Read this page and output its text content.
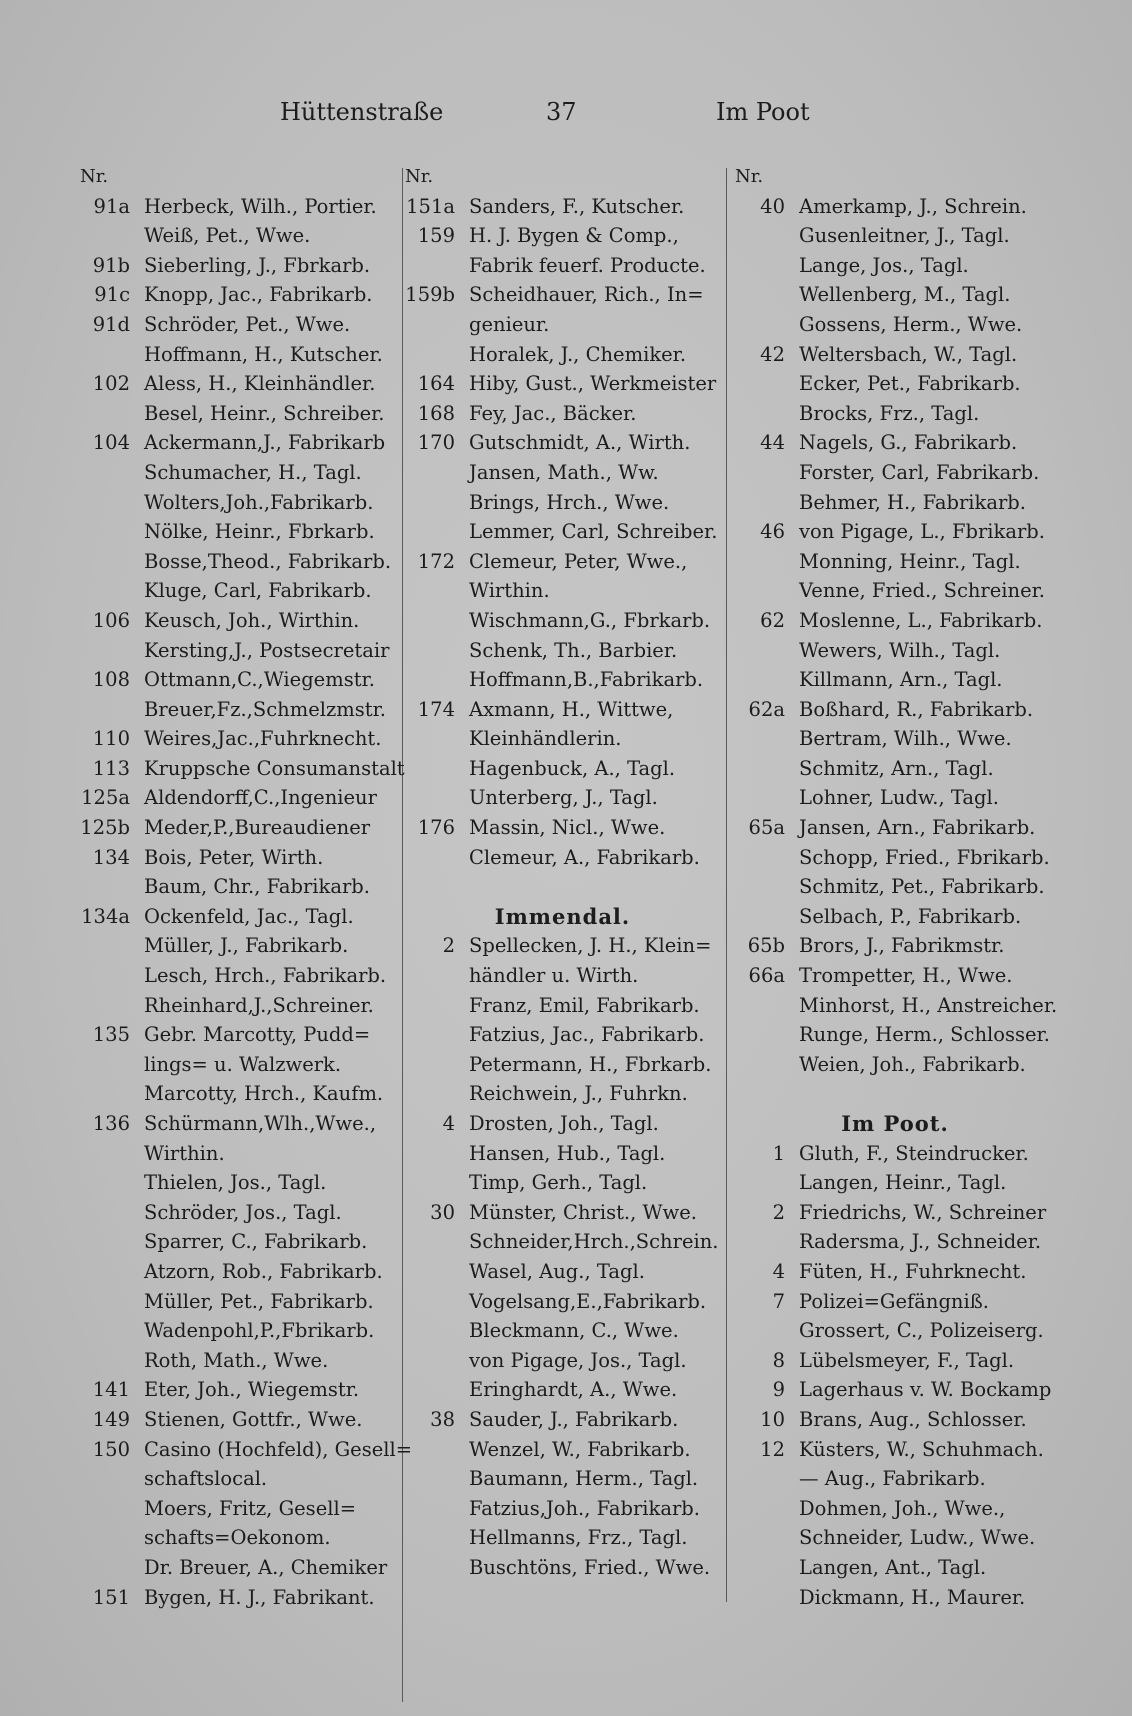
Hüttenstraße	37	Im Poot
Nr.
91a Herbeck, Wilh., Portier.
Weiß, Pet., Wwe.
91b Sieberling, J., Fbrkarb.
91c Knopp, Jac., Fabrikarb.
91d Schröder, Pet., Wwe.
Hoffmann, H., Kutscher.
102 Aless, H., Kleinhändler.
Besel, Heinr., Schreiber.
104 Ackermann,J., Fabrikarb
Schumacher, H., Tagl.
Wolters,Joh.,Fabrikarb.
Nölke, Heinr., Fbrkarb.
Bosse,Theod., Fabrikarb.
Kluge, Carl, Fabrikarb.
106 Keusch, Joh., Wirthin.
Kersting,J., Postsecretair
108 Ottmann,C.,Wiegemstr.
Breuer,Fz.,Schmelzmstr.
110 Weires,Jac.,Fuhrknecht.
113 Kruppsche Consumanstalt
125a Aldendorff,C.,Ingenieur
125b Meder,P.,Bureaudiener
134 Bois, Peter, Wirth.
Baum, Chr., Fabrikarb.
134a Ockenfeld, Jac., Tagl.
Müller, J., Fabrikarb.
Lesch, Hrch., Fabrikarb.
Rheinhard,J.,Schreiner.
135 Gebr. Marcotty, Pudd=
lings= u. Walzwerk.
Marcotty, Hrch., Kaufm.
136 Schürmann,Wlh.,Wwe.,
Wirthin.
Thielen, Jos., Tagl.
Schröder, Jos., Tagl.
Sparrer, C., Fabrikarb.
Atzorn, Rob., Fabrikarb.
Müller, Pet., Fabrikarb.
Wadenpohl,P.,Fbrikarb.
Roth, Math., Wwe.
141 Eter, Joh., Wiegemstr.
149 Stienen, Gottfr., Wwe.
150 Casino (Hochfeld), Gesell=
schaftslocal.
Moers, Fritz, Gesell=
schafts=Oekonom.
Dr. Breuer, A., Chemiker
151 Bygen, H. J., Fabrikant.
Nr.
151a Sanders, F., Kutscher.
159 H. J. Bygen & Comp.,
Fabrik feuerf. Producte.
159b Scheidhauer, Rich., In=
genieur.
Horalek, J., Chemiker.
164 Hiby, Gust., Werkmeister
168 Fey, Jac., Bäcker.
170 Gutschmidt, A., Wirth.
Jansen, Math., Ww.
Brings, Hrch., Wwe.
Lemmer, Carl, Schreiber.
172 Clemeur, Peter, Wwe.,
Wirthin.
Wischmann,G., Fbrkarb.
Schenk, Th., Barbier.
Hoffmann,B.,Fabrikarb.
174 Axmann, H., Wittwe,
Kleinhändlerin.
Hagenbuck, A., Tagl.
Unterberg, J., Tagl.
176 Massin, Nicl., Wwe.
Clemeur, A., Fabrikarb.
Immendal.
2 Spellecken, J. H., Klein=
händler u. Wirth.
Franz, Emil, Fabrikarb.
Fatzius, Jac., Fabrikarb.
Petermann, H., Fbrkarb.
Reichwein, J., Fuhrkn.
4 Drosten, Joh., Tagl.
Hansen, Hub., Tagl.
Timp, Gerh., Tagl.
30 Münster, Christ., Wwe.
Schneider,Hrch.,Schrein.
Wasel, Aug., Tagl.
Vogelsang,E.,Fabrikarb.
Bleckmann, C., Wwe.
von Pigage, Jos., Tagl.
Eringhardt, A., Wwe.
38 Sauder, J., Fabrikarb.
Wenzel, W., Fabrikarb.
Baumann, Herm., Tagl.
Fatzius,Joh., Fabrikarb.
Hellmanns, Frz., Tagl.
Buschtöns, Fried., Wwe.
Nr.
40 Amerkamp, J., Schrein.
Gusenleitner, J., Tagl.
Lange, Jos., Tagl.
Wellenberg, M., Tagl.
Gossens, Herm., Wwe.
42 Weltersbach, W., Tagl.
Ecker, Pet., Fabrikarb.
Brocks, Frz., Tagl.
44 Nagels, G., Fabrikarb.
Forster, Carl, Fabrikarb.
Behmer, H., Fabrikarb.
46 von Pigage, L., Fbrikarb.
Monning, Heinr., Tagl.
Venne, Fried., Schreiner.
62 Moslenne, L., Fabrikarb.
Wewers, Wilh., Tagl.
Killmann, Arn., Tagl.
62a Boßhard, R., Fabrikarb.
Bertram, Wilh., Wwe.
Schmitz, Arn., Tagl.
Lohner, Ludw., Tagl.
65a Jansen, Arn., Fabrikarb.
Schopp, Fried., Fbrikarb.
Schmitz, Pet., Fabrikarb.
Selbach, P., Fabrikarb.
65b Brors, J., Fabrikmstr.
66a Trompetter, H., Wwe.
Minhorst, H., Anstreicher.
Runge, Herm., Schlosser.
Weien, Joh., Fabrikarb.
Im Poot.
1 Gluth, F., Steindrucker.
Langen, Heinr., Tagl.
2 Friedrichs, W., Schreiner
Radersma, J., Schneider.
4 Füten, H., Fuhrknecht.
7 Polizei=Gefängniß.
Grossert, C., Polizeiserg.
8 Lübelsmeyer, F., Tagl.
9 Lagerhaus v. W. Bockamp
10 Brans, Aug., Schlosser.
12 Küsters, W., Schuhmach.
— Aug., Fabrikarb.
Dohmen, Joh., Wwe.,
Schneider, Ludw., Wwe.
Langen, Ant., Tagl.
Dickmann, H., Maurer.
